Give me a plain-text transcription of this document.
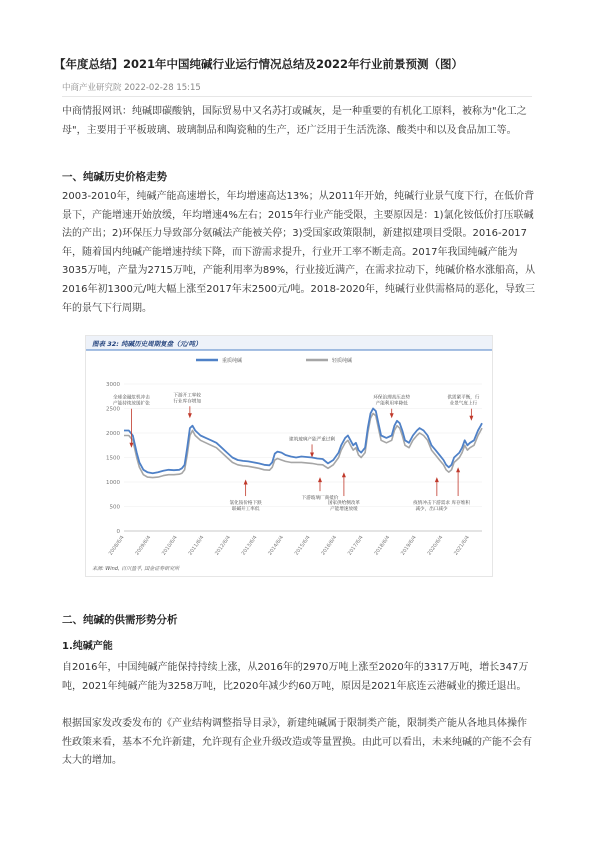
【年度总结】2021年中国纯碱行业运行情况总结及2022年行业前景预测（图）
中商产业研究院 2022-02-28 15:15

中商情报网讯：纯碱即碳酸钠，国际贸易中又名苏打或碱灰，是一种重要的有机化工原料，被称为"化工之母"，主要用于平板玻璃、玻璃制品和陶瓷釉的生产，还广泛用于生活洗涤、酸类中和以及食品加工等。

一、纯碱历史价格走势

2003-2010年，纯碱产能高速增长，年均增速高达13%；从2011年开始，纯碱行业景气度下行，在低价背景下，产能增速开始放缓，年均增速4%左右；2015年行业产能受限，主要原因是：1)氯化铵低价打压联碱法的产出；2)环保压力导致部分氨碱法产能被关停；3)受国家政策限制，新建拟建项目受限。2016-2017年，随着国内纯碱产能增速持续下降，而下游需求提升，行业开工率不断走高。2017年我国纯碱产能为3035万吨，产量为2715万吨，产能利用率为89%，行业接近满产，在需求拉动下，纯碱价格水涨船高，从2016年初1300元/吨大幅上涨至2017年末2500元/吨。2018-2020年，纯碱行业供需格局的恶化，导致三年的景气下行周期。

图表 32: 纯碱历史周期复盘（元/吨）
重质纯碱	轻质纯碱
3000
2500
2000
1500
1000
500
0
2008/6/4 2009/6/4 2010/6/4 2011/6/4 2012/6/4 2013/6/4 2014/6/4 2015/6/4 2016/6/4 2017/6/4 2018/6/4 2019/6/4 2020/6/4 2021/6/4
全球金融危机冲击
产能持续放缓扩张
下游开工率较
行业库存增加
氯化铵价格下跌
联碱开工率低
建筑玻璃产能严重过剩
下游玻璃厂商抵价
环保治理高压态势
产能利用率降低
国家供给侧改革
产能增速放缓
疫情冲击下游需求
减少，出口减少
库存堆积
供需紧平衡，行
业景气度上行
来源: Wind, 百川盈孚, 国金证券研究所
二、纯碱的供需形势分析
1.纯碱产能

自2016年，中国纯碱产能保持持续上涨，从2016年的2970万吨上涨至2020年的3317万吨，增长347万吨，2021年纯碱产能为3258万吨，比2020年减少约60万吨，原因是2021年底连云港碱业的搬迁退出。

根据国家发改委发布的《产业结构调整指导目录》，新建纯碱属于限制类产能，限制类产能从各地具体操作性政策来看，基本不允许新建，允许现有企业升级改造或等量置换。由此可以看出，未来纯碱的产能不会有太大的增加。
